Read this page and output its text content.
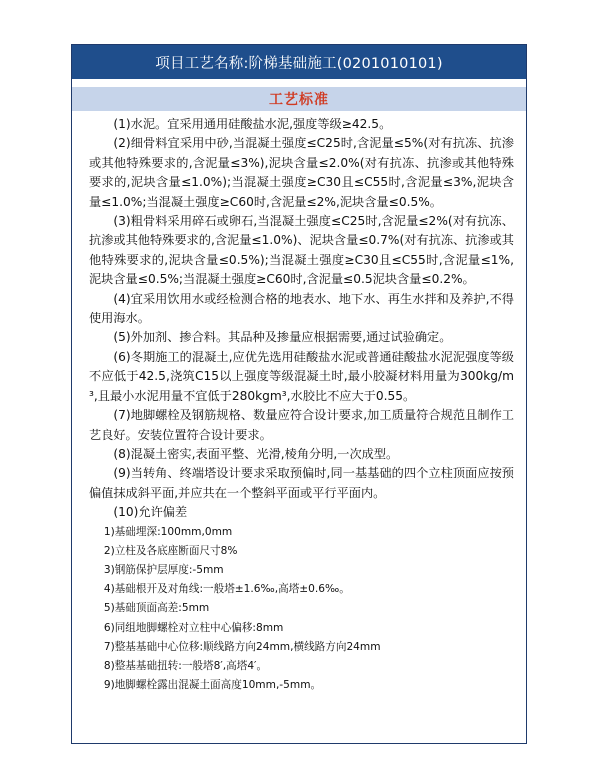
项目工艺名称:阶梯基础施工(0201010101)
工艺标准

(1)水泥。宜采用通用硅酸盐水泥,强度等级≥42.5。

(2)细骨料宜采用中砂,当混凝土强度≤C25时,含泥量≤5%(对有抗冻、抗渗或其他特殊要求的,含泥量≤3%),泥块含量≤2.0%(对有抗冻、抗渗或其他特殊要求的,泥块含量≤1.0%);当混凝土强度≥C30且≤C55时,含泥量≤3%,泥块含量≤1.0%;当混凝土强度≥C60时,含泥量≤2%,泥块含量≤0.5%。

(3)粗骨料采用碎石或卵石,当混凝土强度≤C25时,含泥量≤2%(对有抗冻、抗渗或其他特殊要求的,含泥量≤1.0%)、泥块含量≤0.7%(对有抗冻、抗渗或其他特殊要求的,泥块含量≤0.5%);当混凝土强度≥C30且≤C55时,含泥量≤1%,泥块含量≤0.5%;当混凝土强度≥C60时,含泥量≤0.5泥块含量≤0.2%。

(4)宜采用饮用水或经检测合格的地表水、地下水、再生水拌和及养护,不得使用海水。

(5)外加剂、掺合料。其品种及掺量应根据需要,通过试验确定。

(6)冬期施工的混凝土,应优先选用硅酸盐水泥或普通硅酸盐水泥泥强度等级不应低于42.5,浇筑C15以上强度等级混凝土时,最小胶凝材料用量为300kg/m³,且最小水泥用量不宜低于280kgm³,水胶比不应大于0.55。

(7)地脚螺栓及钢筋规格、数量应符合设计要求,加工质量符合规范且制作工艺良好。安装位置符合设计要求。

(8)混凝土密实,表面平整、光滑,棱角分明,一次成型。

(9)当转角、终端塔设计要求采取预偏时,同一基基础的四个立柱顶面应按预偏值抹成斜平面,并应共在一个整斜平面或平行平面内。

(10)允许偏差

1)基础埋深:100mm,0mm
2)立柱及各底座断面尺寸8%
3)钢筋保护层厚度:-5mm
4)基础根开及对角线:一般塔±1.6‰,高塔±0.6‰。
5)基础顶面高差:5mm
6)同组地脚螺栓对立柱中心偏移:8mm
7)整基基础中心位移:顺线路方向24mm,横线路方向24mm
8)整基基础扭转:一般塔8′,高塔4′。
9)地脚螺栓露出混凝土面高度10mm,-5mm。
